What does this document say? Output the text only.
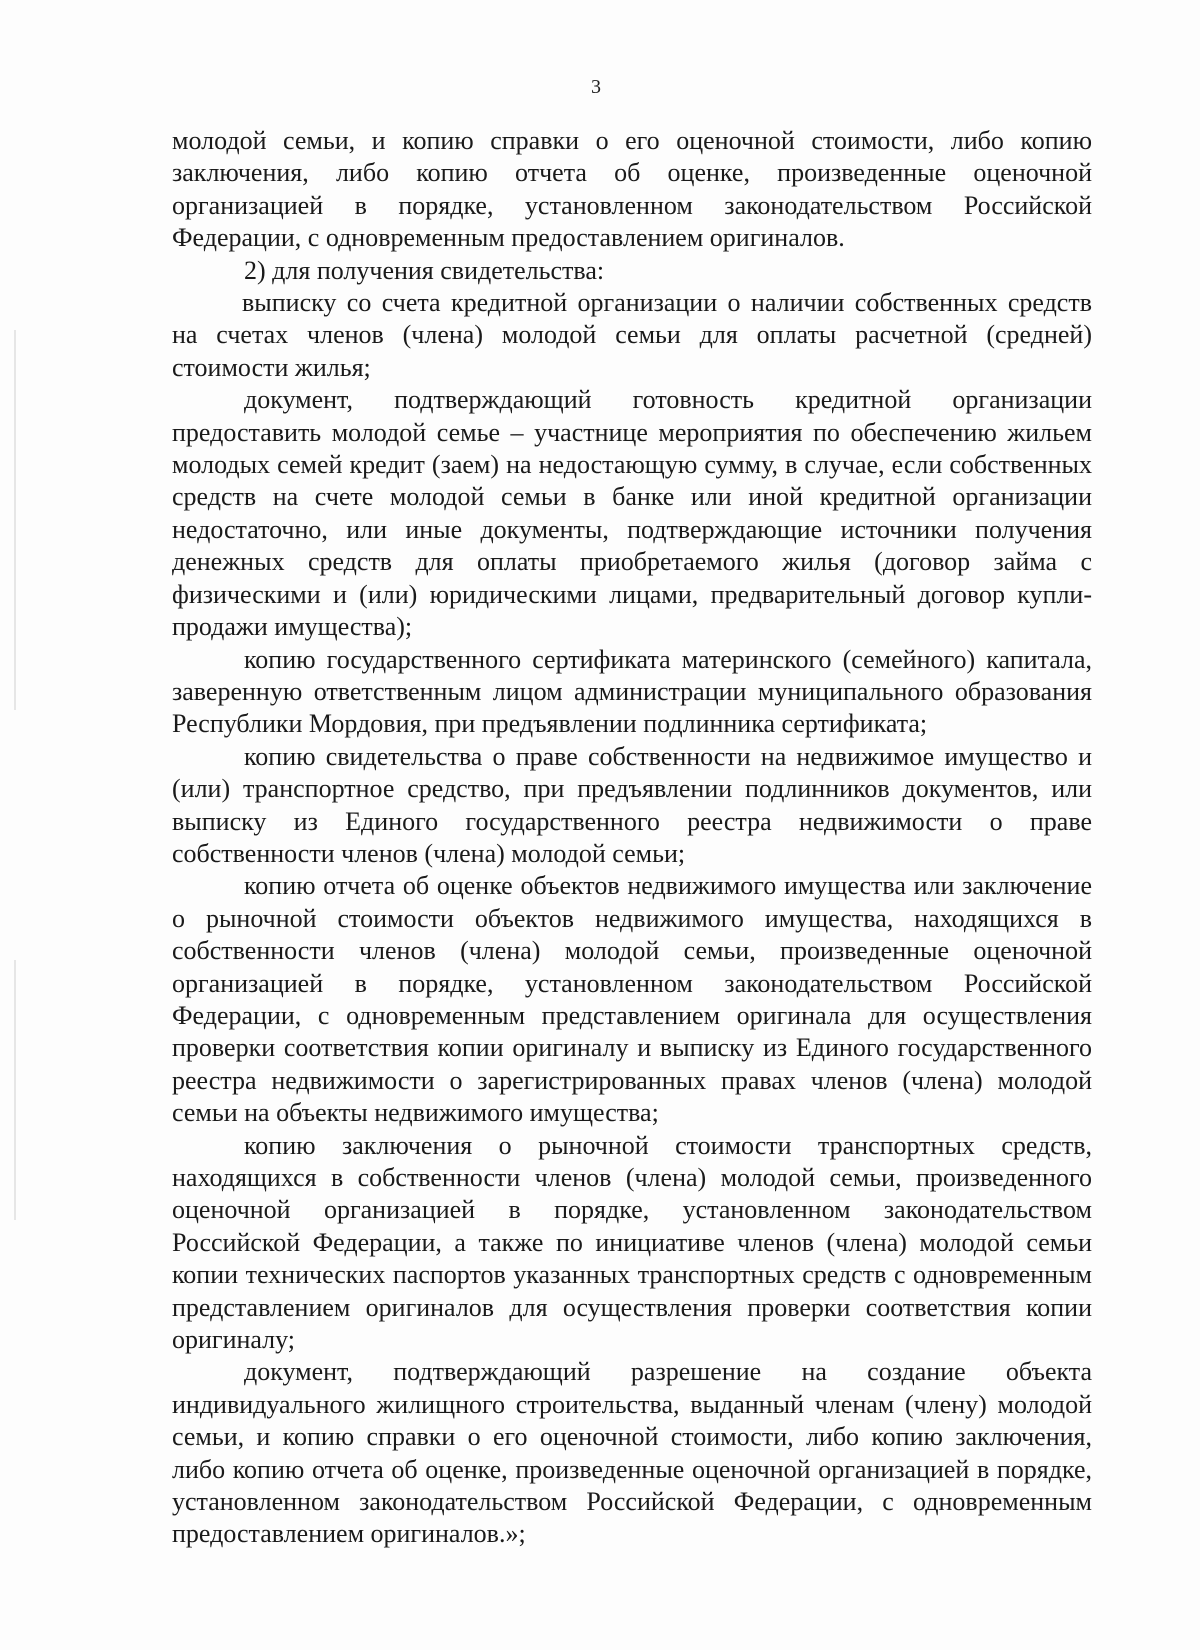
3

молодой семьи, и копию справки о его оценочной стоимости, либо копию заключения, либо копию отчета об оценке, произведенные оценочной организацией в порядке, установленном законодательством Российской Федерации, с одновременным предоставлением оригиналов.

2) для получения свидетельства:

выписку со счета кредитной организации о наличии собственных средств на счетах членов (члена) молодой семьи для оплаты расчетной (средней) стоимости жилья;

документ, подтверждающий готовность кредитной организации предоставить молодой семье – участнице мероприятия по обеспечению жильем молодых семей кредит (заем) на недостающую сумму, в случае, если собственных средств на счете молодой семьи в банке или иной кредитной организации недостаточно, или иные документы, подтверждающие источники получения денежных средств для оплаты приобретаемого жилья (договор займа с физическими и (или) юридическими лицами, предварительный договор купли-продажи имущества);

копию государственного сертификата материнского (семейного) капитала, заверенную ответственным лицом администрации муниципального образования Республики Мордовия, при предъявлении подлинника сертификата;

копию свидетельства о праве собственности на недвижимое имущество и (или) транспортное средство, при предъявлении подлинников документов, или выписку из Единого государственного реестра недвижимости о праве собственности членов (члена) молодой семьи;

копию отчета об оценке объектов недвижимого имущества или заключение о рыночной стоимости объектов недвижимого имущества, находящихся в собственности членов (члена) молодой семьи, произведенные оценочной организацией в порядке, установленном законодательством Российской Федерации, с одновременным представлением оригинала для осуществления проверки соответствия копии оригиналу и выписку из Единого государственного реестра недвижимости о зарегистрированных правах членов (члена) молодой семьи на объекты недвижимого имущества;

копию заключения о рыночной стоимости транспортных средств, находящихся в собственности членов (члена) молодой семьи, произведенного оценочной организацией в порядке, установленном законодательством Российской Федерации, а также по инициативе членов (члена) молодой семьи копии технических паспортов указанных транспортных средств с одновременным представлением оригиналов для осуществления проверки соответствия копии оригиналу;

документ, подтверждающий разрешение на создание объекта индивидуального жилищного строительства, выданный членам (члену) молодой семьи, и копию справки о его оценочной стоимости, либо копию заключения, либо копию отчета об оценке, произведенные оценочной организацией в порядке, установленном законодательством Российской Федерации, с одновременным предоставлением оригиналов.»;
